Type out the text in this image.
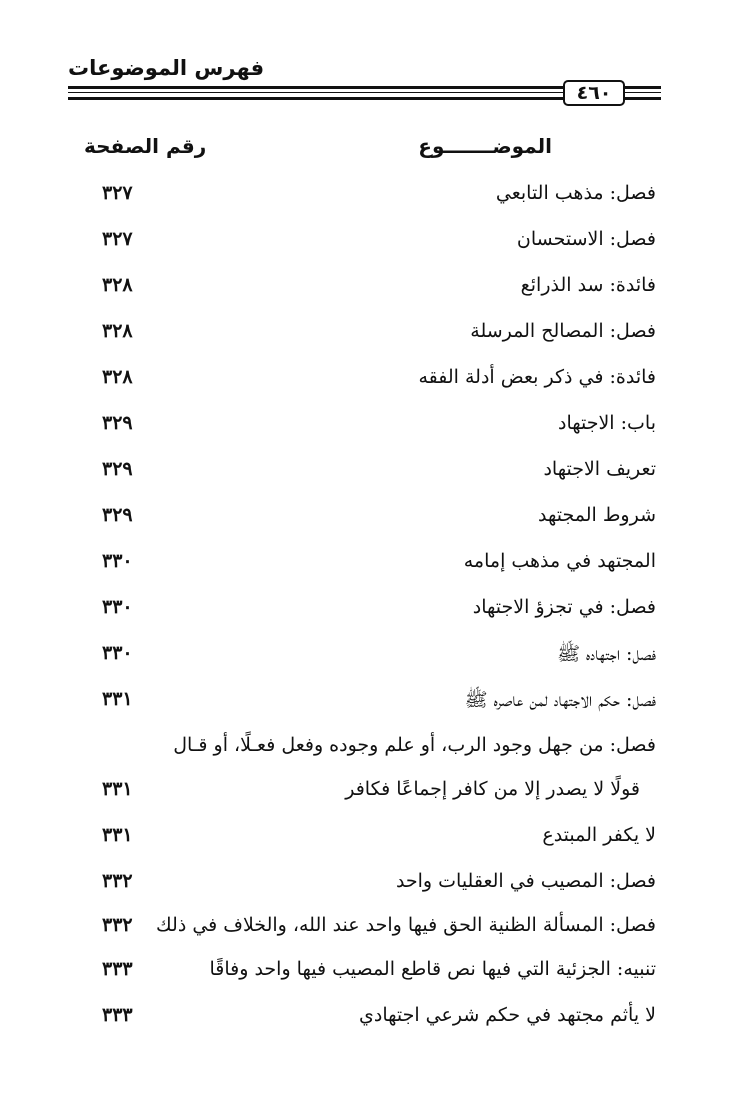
فهرس الموضوعات
٤٦٠
الموضـــــــوع
رقم الصفحة
فصل: مذهب التابعي
٣٢٧
فصل: الاستحسان
٣٢٧
فائدة: سد الذرائع
٣٢٨
فصل: المصالح المرسلة
٣٢٨
فائدة: في ذكر بعض أدلة الفقه
٣٢٨
باب: الاجتهاد
٣٢٩
تعريف الاجتهاد
٣٢٩
شروط المجتهد
٣٢٩
المجتهد في مذهب إمامه
٣٣٠
فصل: في تجزؤ الاجتهاد
٣٣٠
فصل: اجتهاده ﷺ
٣٣٠
فصل: حكم الاجتهاد لمن عاصره ﷺ
٣٣١
فصل: من جهل وجود الرب، أو علم وجوده وفعل فعـلًا، أو قـال
قولًا لا يصدر إلا من كافر إجماعًا فكافر
٣٣١
لا يكفر المبتدع
٣٣١
فصل: المصيب في العقليات واحد
٣٣٢
فصل: المسألة الظنية الحق فيها واحد عند الله، والخلاف في ذلك
٣٣٢
تنبيه: الجزئية التي فيها نص قاطع المصيب فيها واحد وفاقًا
٣٣٣
لا يأثم مجتهد في حكم شرعي اجتهادي
٣٣٣
